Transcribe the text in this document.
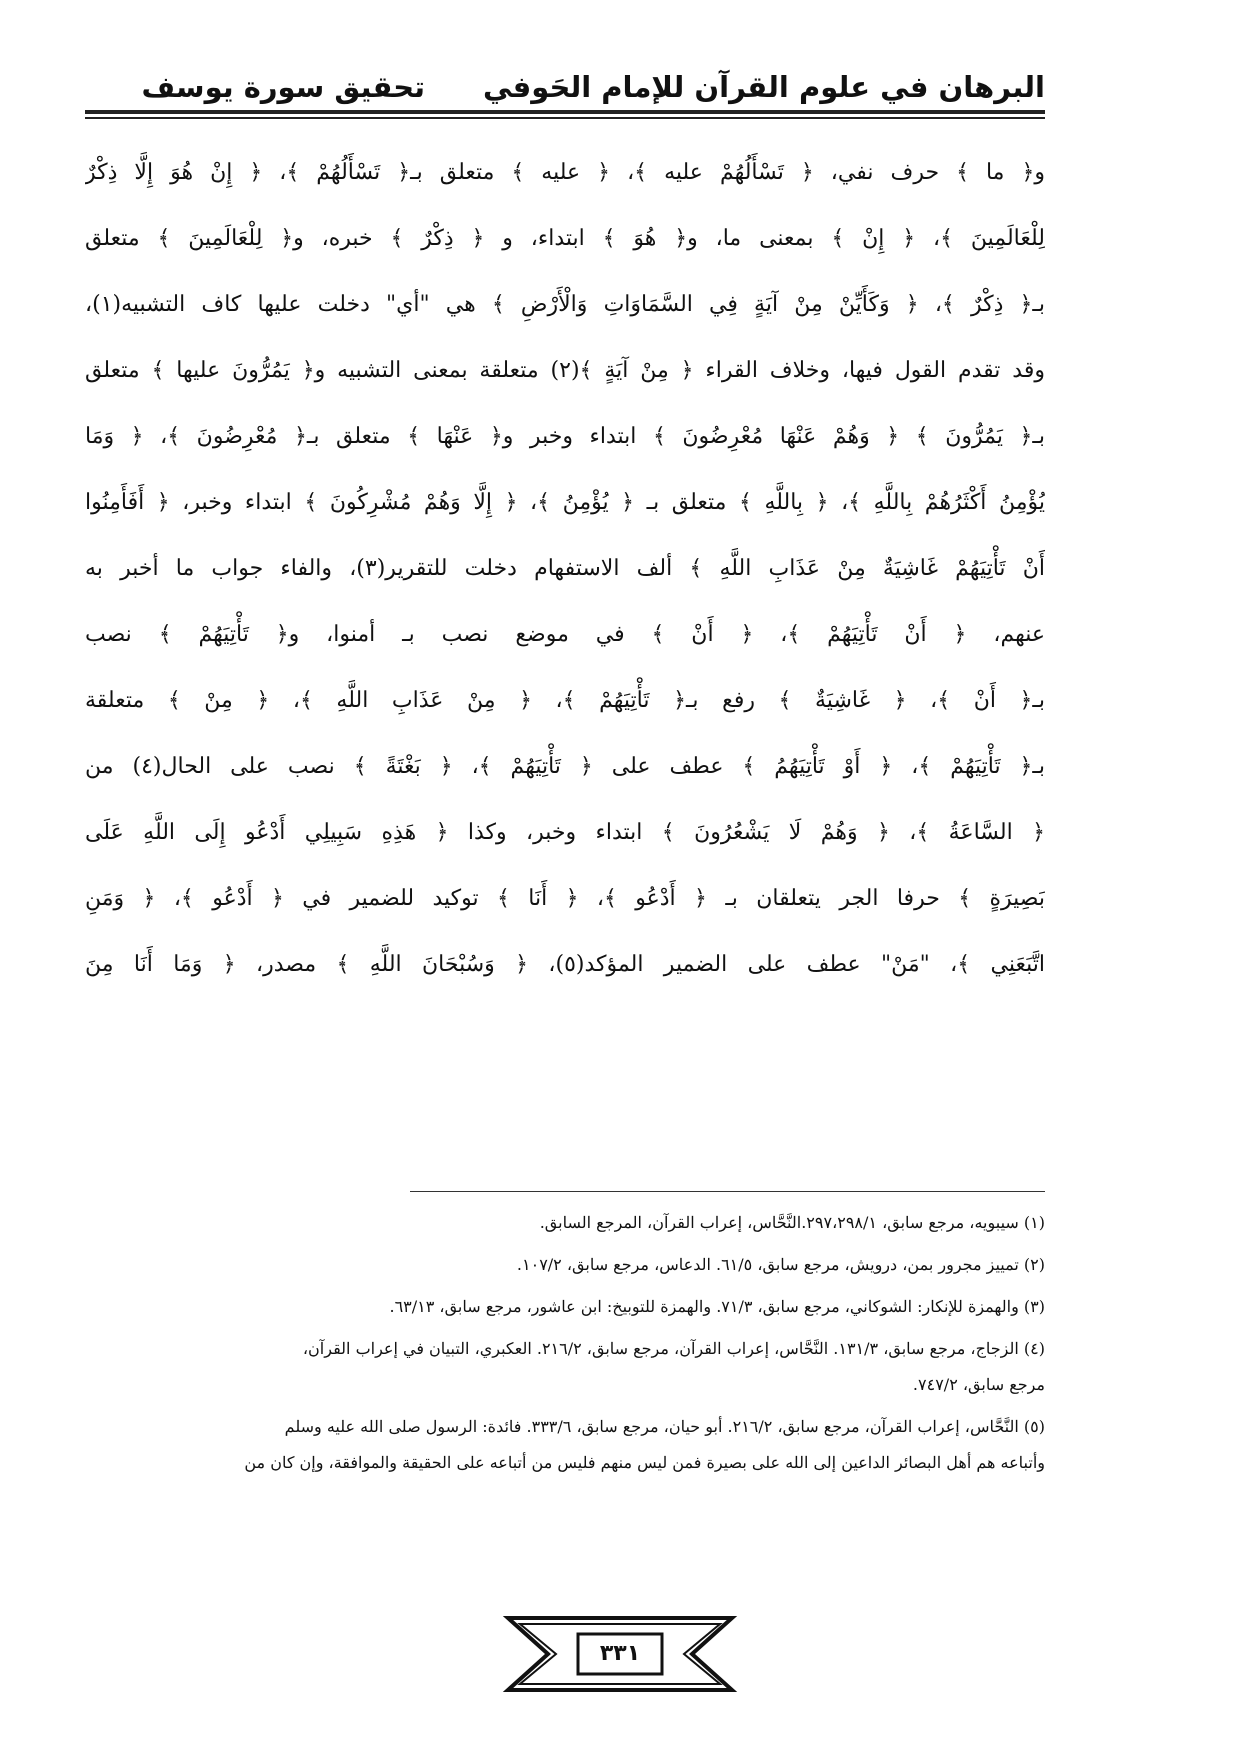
البرهان في علوم القرآن للإمام الحَوفي
تحقيق سورة يوسف
و﴿ ما ﴾ حرف نفي، ﴿ تَسْأَلُهُمْ عليه ﴾، ﴿ عليه ﴾ متعلق بـ﴿ تَسْأَلُهُمْ ﴾، ﴿ إِنْ هُوَ إِلَّا ذِكْرٌ
لِلْعَالَمِينَ ﴾، ﴿ إِنْ ﴾ بمعنى ما، و﴿ هُوَ ﴾ ابتداء، و ﴿ ذِكْرٌ ﴾ خبره، و﴿ لِلْعَالَمِينَ ﴾ متعلق
بـ﴿ ذِكْرٌ ﴾، ﴿ وَكَأَيِّنْ مِنْ آيَةٍ فِي السَّمَاوَاتِ وَالْأَرْضِ ﴾ هي "أي" دخلت عليها كاف التشبيه(١)،
وقد تقدم القول فيها، وخلاف القراء ﴿ مِنْ آيَةٍ ﴾(٢) متعلقة بمعنى التشبيه و﴿ يَمُرُّونَ عليها ﴾ متعلق
بـ﴿ يَمُرُّونَ ﴾ ﴿ وَهُمْ عَنْهَا مُعْرِضُونَ ﴾ ابتداء وخبر و﴿ عَنْهَا ﴾ متعلق بـ﴿ مُعْرِضُونَ ﴾، ﴿ وَمَا
يُؤْمِنُ أَكْثَرُهُمْ بِاللَّهِ ﴾، ﴿ بِاللَّهِ ﴾ متعلق بـ ﴿ يُؤْمِنُ ﴾، ﴿ إِلَّا وَهُمْ مُشْرِكُونَ ﴾ ابتداء وخبر، ﴿ أَفَأَمِنُوا
أَنْ تَأْتِيَهُمْ غَاشِيَةٌ مِنْ عَذَابِ اللَّهِ ﴾ ألف الاستفهام دخلت للتقرير(٣)، والفاء جواب ما أخبر به
عنهم، ﴿ أَنْ تَأْتِيَهُمْ ﴾، ﴿ أَنْ ﴾ في موضع نصب بـ أمنوا، و﴿ تَأْتِيَهُمْ ﴾ نصب
بـ﴿ أَنْ ﴾، ﴿ غَاشِيَةٌ ﴾ رفع بـ﴿ تَأْتِيَهُمْ ﴾، ﴿ مِنْ عَذَابِ اللَّهِ ﴾، ﴿ مِنْ ﴾ متعلقة
بـ﴿ تَأْتِيَهُمْ ﴾، ﴿ أَوْ تَأْتِيَهُمُ ﴾ عطف على ﴿ تَأْتِيَهُمْ ﴾، ﴿ بَغْتَةً ﴾ نصب على الحال(٤) من
﴿ السَّاعَةُ ﴾، ﴿ وَهُمْ لَا يَشْعُرُونَ ﴾ ابتداء وخبر، وكذا ﴿ هَذِهِ سَبِيلِي أَدْعُو إِلَى اللَّهِ عَلَى
بَصِيرَةٍ ﴾ حرفا الجر يتعلقان بـ ﴿ أَدْعُو ﴾، ﴿ أَنَا ﴾ توكيد للضمير في ﴿ أَدْعُو ﴾، ﴿ وَمَنِ
اتَّبَعَنِي ﴾، "مَنْ" عطف على الضمير المؤكد(٥)، ﴿ وَسُبْحَانَ اللَّهِ ﴾ مصدر، ﴿ وَمَا أَنَا مِنَ
(١) سيبويه، مرجع سابق، ٢٩٧،٢٩٨/١.النَّحَّاس، إعراب القرآن، المرجع السابق.
(٢) تمييز مجرور بمن، درويش، مرجع سابق، ٦١/٥. الدعاس، مرجع سابق، ١٠٧/٢.
(٣) والهمزة للإنكار: الشوكاني، مرجع سابق، ٧١/٣. والهمزة للتوبيخ: ابن عاشور، مرجع سابق، ٦٣/١٣.
(٤) الزجاج، مرجع سابق، ١٣١/٣. النَّحَّاس، إعراب القرآن، مرجع سابق، ٢١٦/٢. العكبري، التبيان في إعراب القرآن،
مرجع سابق، ٧٤٧/٢.
(٥) النَّحَّاس، إعراب القرآن، مرجع سابق، ٢١٦/٢. أبو حيان، مرجع سابق، ٣٣٣/٦. فائدة: الرسول صلى الله عليه وسلم
وأتباعه هم أهل البصائر الداعين إلى الله على بصيرة فمن ليس منهم فليس من أتباعه على الحقيقة والموافقة، وإن كان من
٣٣١
